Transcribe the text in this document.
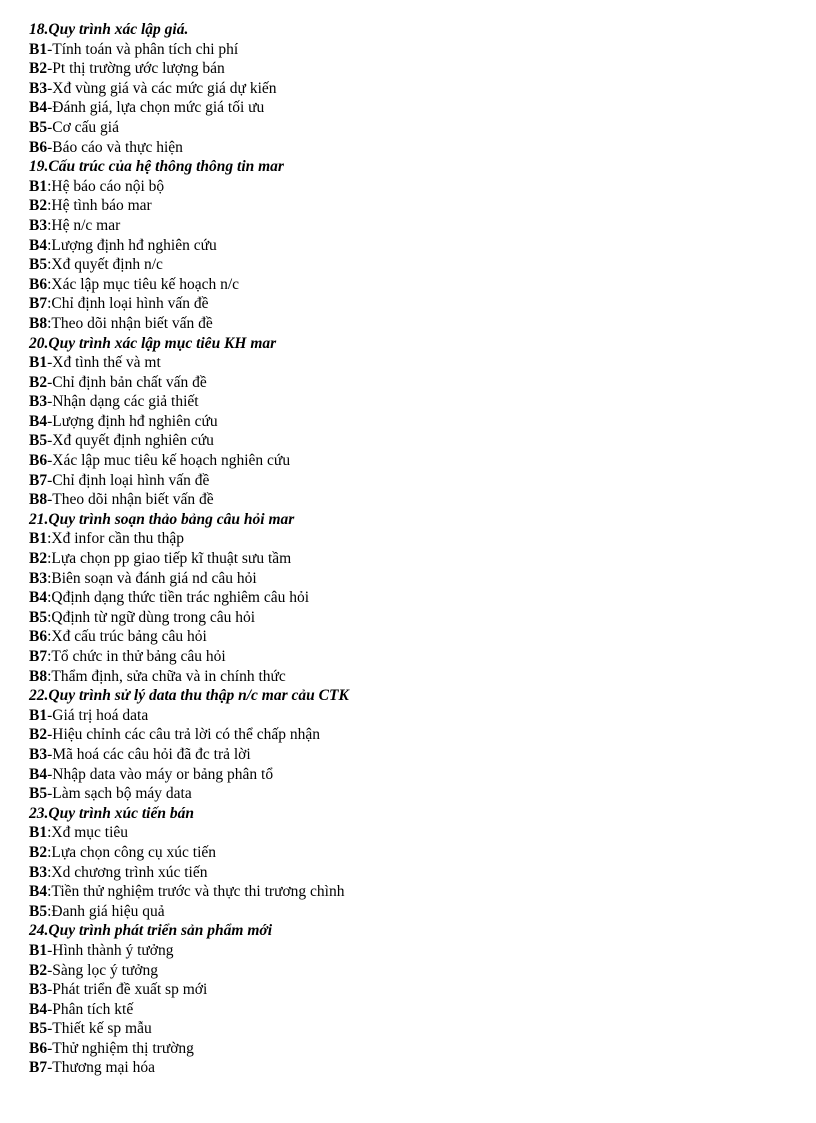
18.Quy trình xác lập giá.
B1-Tính toán và phân tích chi phí
B2-Pt thị trường ước lượng bán
B3-Xđ vùng giá và các mức giá dự kiến
B4-Đánh giá, lựa chọn mức giá tối ưu
B5-Cơ cấu giá
B6-Báo cáo và thực hiện
19.Cấu trúc của hệ thông thông tin mar
B1:Hệ báo cáo nội bộ
B2:Hệ tình báo mar
B3:Hệ n/c mar
B4:Lượng định hđ nghiên cứu
B5:Xđ quyết định n/c
B6:Xác lập mục tiêu kế hoạch n/c
B7:Chỉ định loại hình vấn đề
B8:Theo dõi nhận biết vấn đề
20.Quy trình xác lập mục tiêu KH mar
B1-Xđ tình thế và mt
B2-Chỉ định bản chất vấn đề
B3-Nhận dạng các giả thiết
B4-Lượng định hđ nghiên cứu
B5-Xđ quyết định nghiên cứu
B6-Xác lập muc tiêu kế hoạch nghiên cứu
B7-Chỉ định loại hình vấn đề
B8-Theo dõi nhận biết vấn đề
21.Quy trình soạn thảo bảng câu hỏi mar
B1:Xđ infor cần thu thập
B2:Lựa chọn pp giao tiếp kĩ thuật sưu tầm
B3:Biên soạn và đánh giá nd câu hỏi
B4:Qđịnh dạng thức tiền trác nghiêm câu hỏi
B5:Qđịnh từ ngữ dùng trong câu hỏi
B6:Xđ cấu trúc bảng câu hỏi
B7:Tổ chức in thử bảng câu hỏi
B8:Thẩm định, sửa chữa và in chính thức
22.Quy trình sử lý data thu thập n/c mar cảu CTK
B1-Giá trị hoá data
B2-Hiệu chỉnh các câu trả lời có thể chấp nhận
B3-Mã hoá các câu hỏi đã đc trả lời
B4-Nhập data vào máy or bảng phân tổ
B5-Làm sạch bộ máy data
23.Quy trình xúc tiến bán
B1:Xđ mục tiêu
B2:Lựa chọn công cụ xúc tiến
B3:Xd chương trình xúc tiến
B4:Tiền thử nghiệm trước và thực thi trương chình
B5:Đanh giá hiệu quả
24.Quy trình phát triển sản phẩm mới
B1-Hình thành ý tưởng
B2-Sàng lọc ý tưởng
B3-Phát triển đề xuất sp mới
B4-Phân tích ktế
B5-Thiết kế sp mẫu
B6-Thử nghiệm thị trường
B7-Thương mại hóa
